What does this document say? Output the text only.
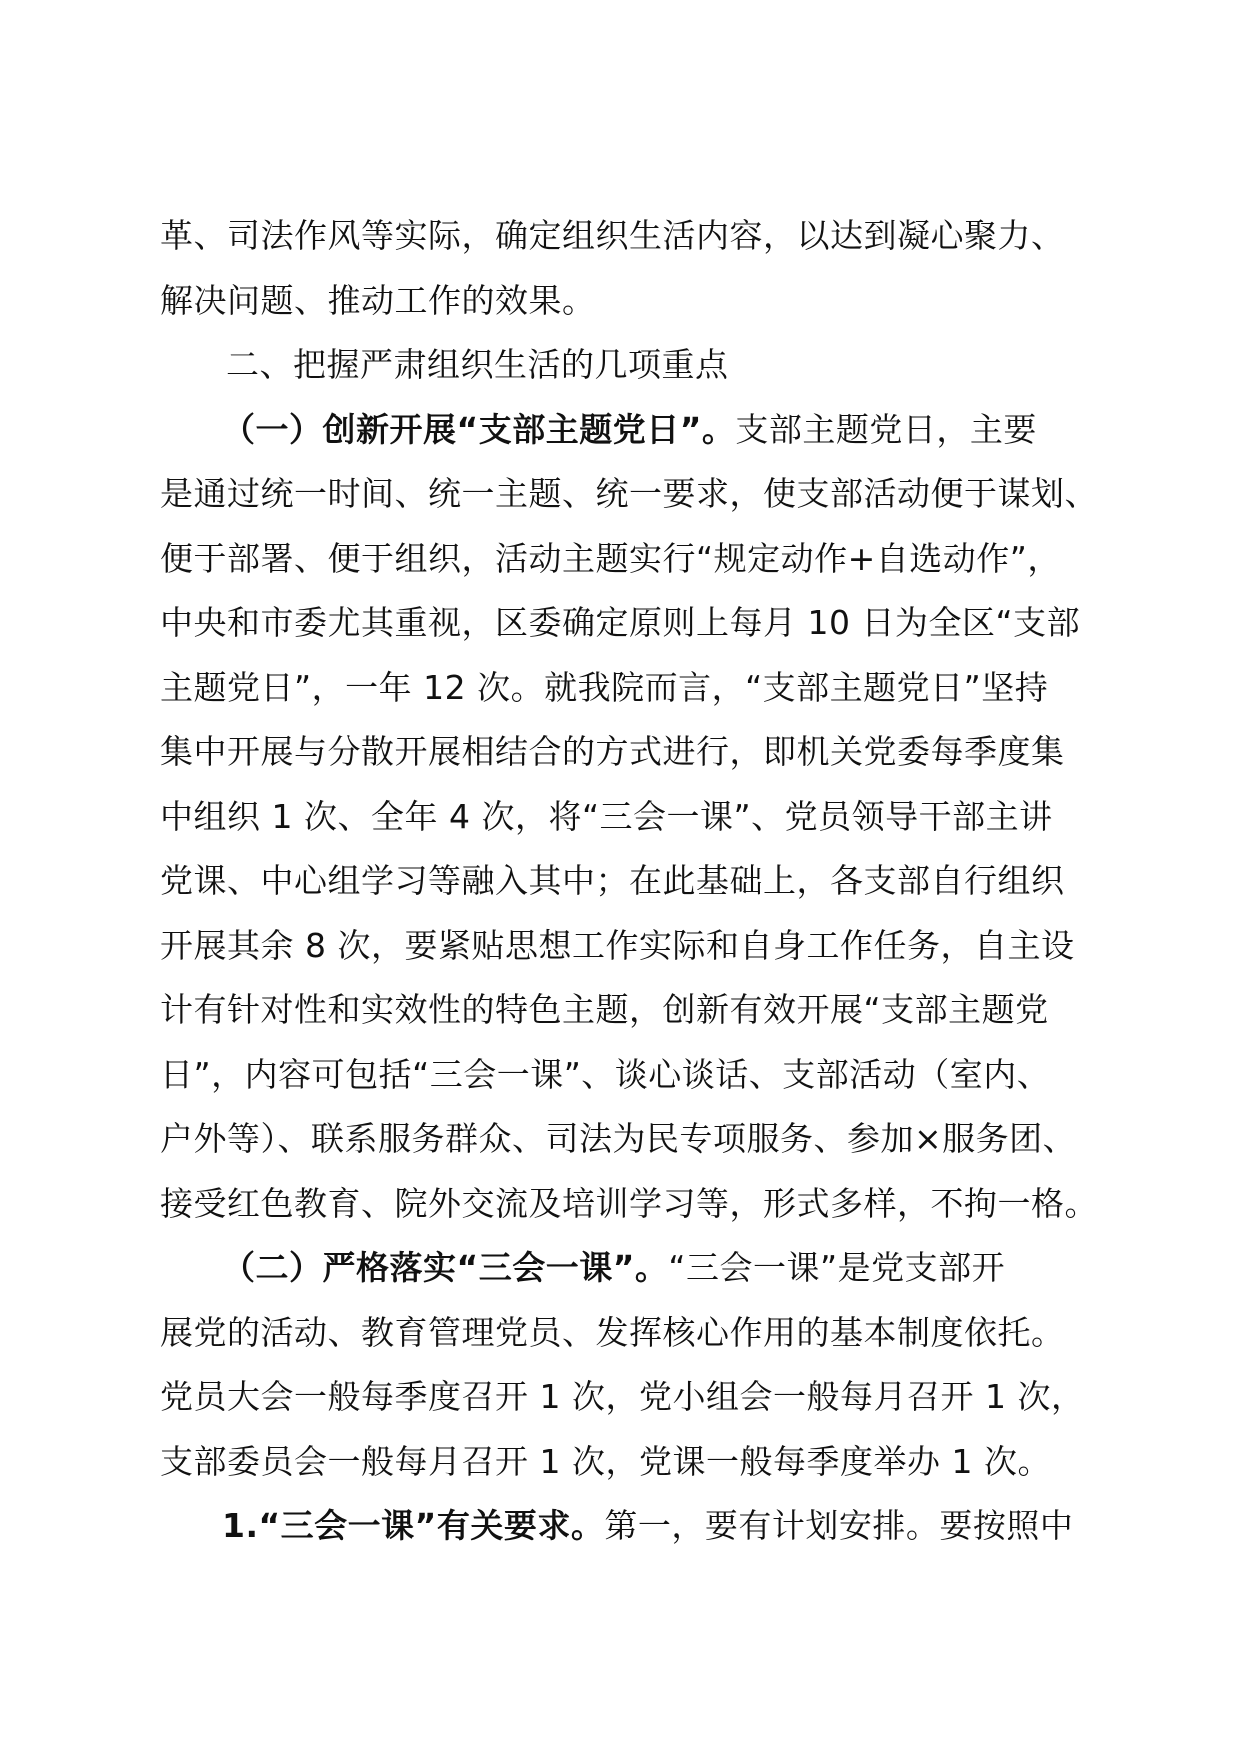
革、司法作风等实际，确定组织生活内容，以达到凝心聚力、
解决问题、推动工作的效果。
二、把握严肃组织生活的几项重点
（一）创新开展“支部主题党日”。支部主题党日，主要
是通过统一时间、统一主题、统一要求，使支部活动便于谋划、
便于部署、便于组织，活动主题实行“规定动作+自选动作”，
中央和市委尤其重视，区委确定原则上每月 10 日为全区“支部
主题党日”，一年 12 次。就我院而言，“支部主题党日”坚持
集中开展与分散开展相结合的方式进行，即机关党委每季度集
中组织 1 次、全年 4 次，将“三会一课”、党员领导干部主讲
党课、中心组学习等融入其中；在此基础上，各支部自行组织
开展其余 8 次，要紧贴思想工作实际和自身工作任务，自主设
计有针对性和实效性的特色主题，创新有效开展“支部主题党
日”，内容可包括“三会一课”、谈心谈话、支部活动（室内、
户外等）、联系服务群众、司法为民专项服务、参加×服务团、
接受红色教育、院外交流及培训学习等，形式多样，不拘一格。
（二）严格落实“三会一课”。“三会一课”是党支部开
展党的活动、教育管理党员、发挥核心作用的基本制度依托。
党员大会一般每季度召开 1 次，党小组会一般每月召开 1 次，
支部委员会一般每月召开 1 次，党课一般每季度举办 1 次。
1.“三会一课”有关要求。第一，要有计划安排。要按照中
